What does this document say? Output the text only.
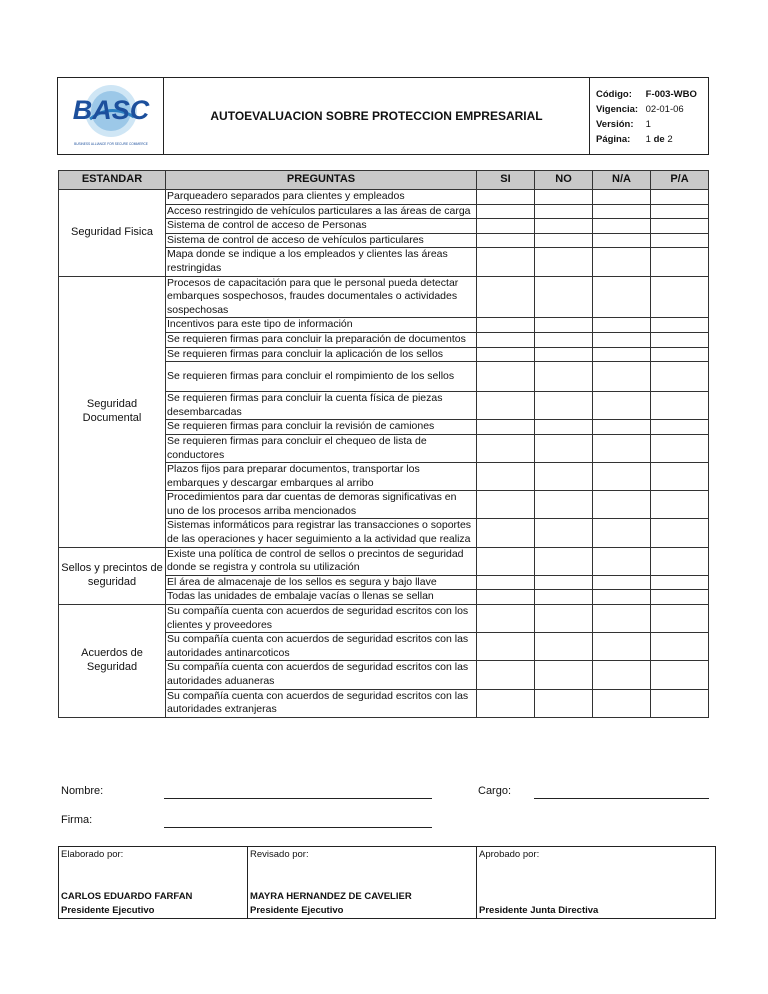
BASC
BUSINESS ALLIANCE FOR SECURE COMMERCE
AUTOEVALUACION SOBRE PROTECCION EMPRESARIAL
Código: F-003-WBO
Vigencia: 02-01-06
Versión: 1
Página: 1 de 2
ESTANDAR	PREGUNTAS	SI	NO	N/A	P/A
Seguridad Fisica	Parqueadero separados para clientes y empleados				
	Acceso restringido de vehículos particulares a las áreas de carga				
	Sistema de control de acceso de Personas				
	Sistema de control de acceso de vehículos particulares				
	Mapa donde se indique a los empleados y clientes las áreas restringidas				
Seguridad Documental	Procesos de capacitación para que le personal pueda detectar embarques sospechosos, fraudes documentales o actividades sospechosas				
	Incentivos para este tipo de información				
	Se requieren firmas para concluir la preparación de documentos				
	Se requieren firmas para concluir la aplicación de los sellos				
	Se requieren firmas para concluir el rompimiento de los sellos				
	Se requieren firmas para concluir la cuenta física de piezas desembarcadas				
	Se requieren firmas para concluir la revisión de camiones				
	Se requieren firmas para concluir el chequeo de lista de conductores				
	Plazos fijos para preparar documentos, transportar los embarques y descargar embarques al arribo				
	Procedimientos para dar cuentas de demoras significativas en uno de los procesos arriba mencionados				
	Sistemas informáticos para registrar las transacciones o soportes de las operaciones y hacer seguimiento a la actividad que realiza				
Sellos y precintos de seguridad	Existe una política de control de sellos o precintos de seguridad donde se registra y controla su utilización				
	El área de almacenaje de los sellos es segura y bajo llave				
	Todas las unidades de embalaje vacías o llenas se sellan				
Acuerdos de Seguridad	Su compañía cuenta con acuerdos de seguridad escritos con los clientes y proveedores				
	Su compañía cuenta con acuerdos de seguridad escritos con las autoridades antinarcoticos				
	Su compañía cuenta con acuerdos de seguridad escritos con las autoridades aduaneras				
	Su compañía cuenta con acuerdos de seguridad escritos con las autoridades extranjeras				
Nombre:	Cargo:
Firma:
Elaborado por:
CARLOS EDUARDO FARFAN
Presidente Ejecutivo

Revisado por:
MAYRA HERNANDEZ DE CAVELIER
Presidente Ejecutivo

Aprobado por:
Presidente Junta Directiva
